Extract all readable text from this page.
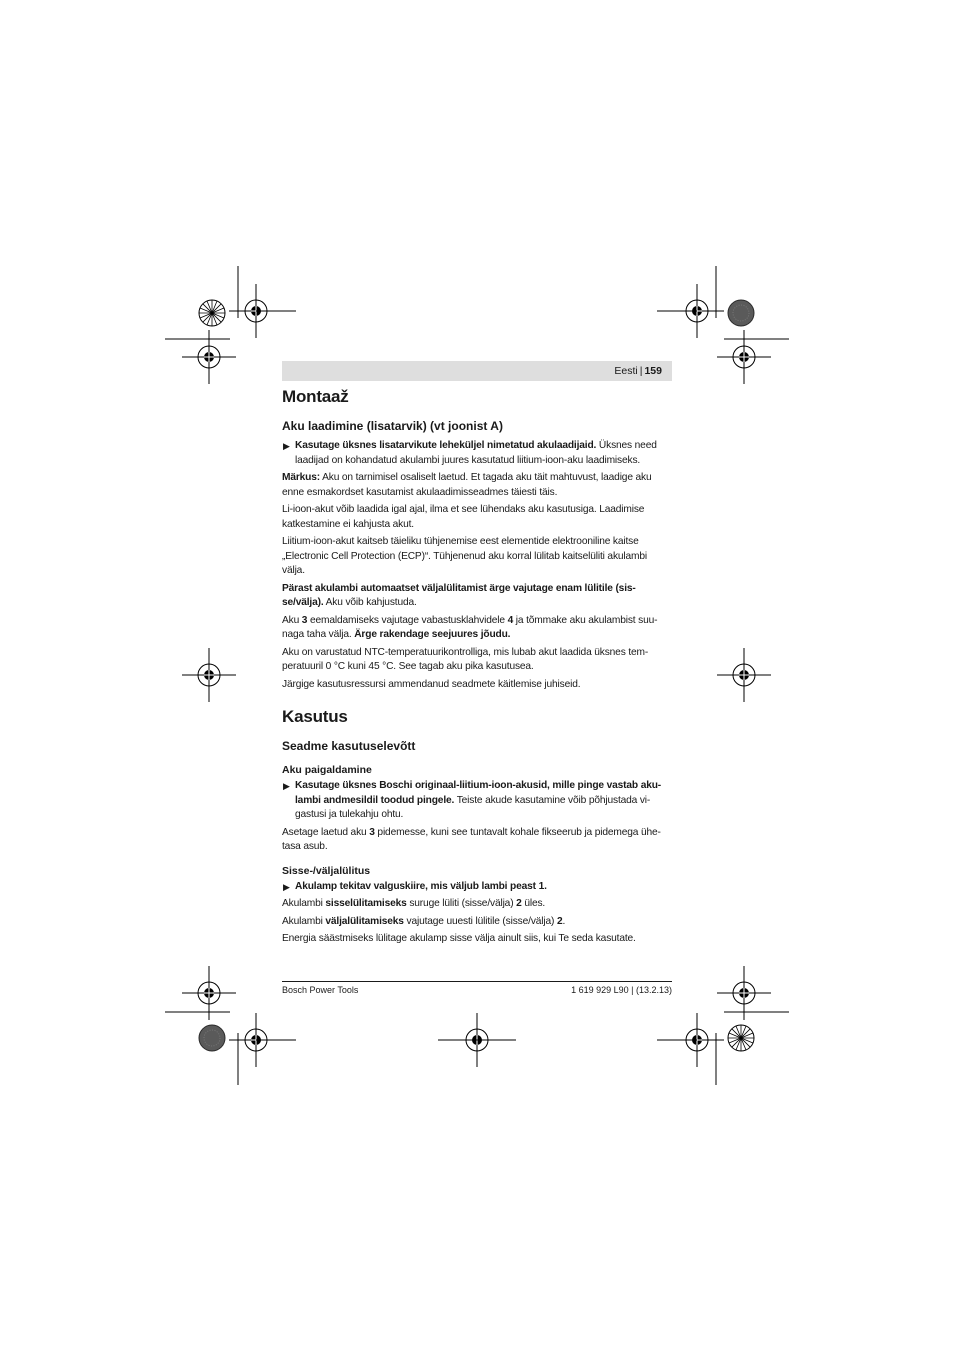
Eesti | 159
Montaaž
Aku laadimine (lisatarvik) (vt joonist A)

▶ Kasutage üksnes lisatarvikute leheküljel nimetatud akulaadijaid. Üksnes need laadijad on kohandatud akulambi juures kasutatud liitium-ioon-aku laadimiseks.

Märkus: Aku on tarnimisel osaliselt laetud. Et tagada aku täit mahtuvust, laadige aku enne esmakordset kasutamist akulaadimisseadmes täiesti täis.

Li-ioon-akut võib laadida igal ajal, ilma et see lühendaks aku kasutusiga. Laadimise katkestamine ei kahjusta akut.

Liitium-ioon-akut kaitseb täieliku tühjenemise eest elementide elektrooniline kaitse „Electronic Cell Protection (ECP)“. Tühjenenud aku korral lülitab kaitselüliti akulambi välja.

Pärast akulambi automaatset väljalülitamist ärge vajutage enam lülitile (sis-se/välja). Aku võib kahjustuda.

Aku 3 eemaldamiseks vajutage vabastusklahvidele 4 ja tõmmake aku akulambist suu-naga taha välja. Ärge rakendage seejuures jõudu.

Aku on varustatud NTC-temperatuurikontrolliga, mis lubab akut laadida üksnes tem-peratuuril 0 °C kuni 45 °C. See tagab aku pika kasutusea.

Järgige kasutusressursi ammendanud seadmete käitlemise juhiseid.

Kasutus
Seadme kasutuselevõtt
Aku paigaldamine

▶ Kasutage üksnes Boschi originaal-liitium-ioon-akusid, mille pinge vastab aku-lambi andmesildil toodud pingele. Teiste akude kasutamine võib põhjustada vi-gastusi ja tulekahju ohtu.

Asetage laetud aku 3 pidemesse, kuni see tuntavalt kohale fikseerub ja pidemega ühe-tasa asub.

Sisse-/väljalülitus

▶ Akulamp tekitav valguskiire, mis väljub lambi peast 1.

Akulambi sisselülitamiseks suruge lüliti (sisse/välja) 2 üles.

Akulambi väljalülitamiseks vajutage uuesti lülitile (sisse/välja) 2.

Energia säästmiseks lülitage akulamp sisse välja ainult siis, kui Te seda kasutate.

Bosch Power Tools	1 619 929 L90 | (13.2.13)
